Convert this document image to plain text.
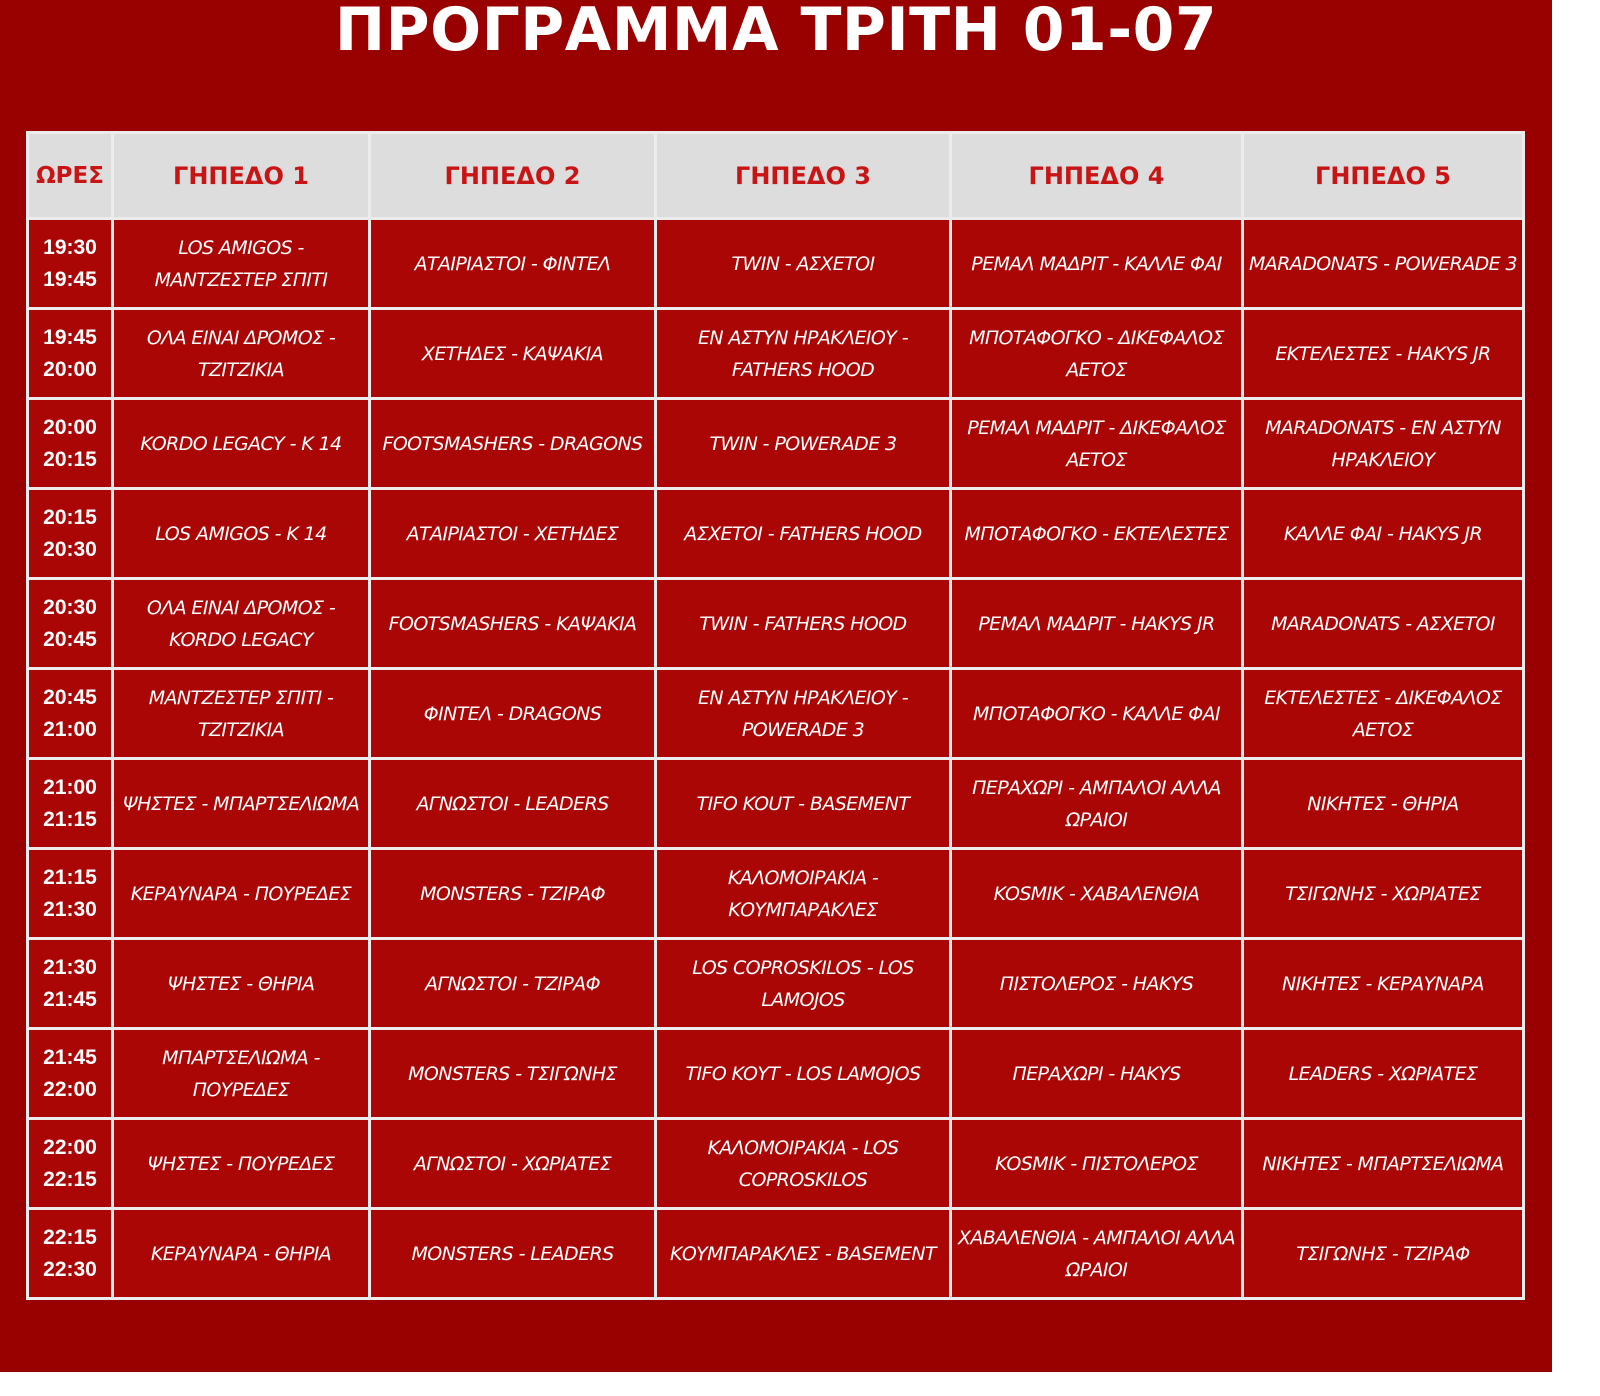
ΠΡΟΓΡΑΜΜΑ ΤΡΙΤΗ 01-07
ΩΡΕΣ	ΓΗΠΕΔΟ 1	ΓΗΠΕΔΟ 2	ΓΗΠΕΔΟ 3	ΓΗΠΕΔΟ 4	ΓΗΠΕΔΟ 5

19:30
19:45	LOS AMIGOS - ΜΑΝΤΖΕΣΤΕΡ ΣΠΙΤΙ	ΑΤΑΙΡΙΑΣΤΟΙ - ΦΙΝΤΕΛ	TWIN - ΑΣΧΕΤΟΙ	ΡΕΜΑΛ ΜΑΔΡΙΤ - ΚΑΛΛΕ ΦΑΙ	MARADONATS - POWERADE 3

19:45
20:00	ΟΛΑ ΕΙΝΑΙ ΔΡΟΜΟΣ - ΤΖΙΤΖΙΚΙΑ	ΧΕΤΗΔΕΣ - ΚΑΨΑΚΙΑ	ΕΝ ΑΣΤΥΝ ΗΡΑΚΛΕΙΟΥ - FATHERS HOOD	ΜΠΟΤΑΦΟΓΚΟ - ΔΙΚΕΦΑΛΟΣ ΑΕΤΟΣ	ΕΚΤΕΛΕΣΤΕΣ - HAKYS JR

20:00
20:15	KORDO LEGACY - K 14	FOOTSMASHERS - DRAGONS	TWIN - POWERADE 3	ΡΕΜΑΛ ΜΑΔΡΙΤ - ΔΙΚΕΦΑΛΟΣ ΑΕΤΟΣ	MARADONATS - ΕΝ ΑΣΤΥΝ ΗΡΑΚΛΕΙΟΥ

20:15
20:30	LOS AMIGOS - K 14	ΑΤΑΙΡΙΑΣΤΟΙ - ΧΕΤΗΔΕΣ	ΑΣΧΕΤΟΙ - FATHERS HOOD	ΜΠΟΤΑΦΟΓΚΟ - ΕΚΤΕΛΕΣΤΕΣ	ΚΑΛΛΕ ΦΑΙ - HAKYS JR

20:30
20:45	ΟΛΑ ΕΙΝΑΙ ΔΡΟΜΟΣ - KORDO LEGACY	FOOTSMASHERS - ΚΑΨΑΚΙΑ	TWIN - FATHERS HOOD	ΡΕΜΑΛ ΜΑΔΡΙΤ - HAKYS JR	MARADONATS - ΑΣΧΕΤΟΙ

20:45
21:00	ΜΑΝΤΖΕΣΤΕΡ ΣΠΙΤΙ - ΤΖΙΤΖΙΚΙΑ	ΦΙΝΤΕΛ - DRAGONS	ΕΝ ΑΣΤΥΝ ΗΡΑΚΛΕΙΟΥ - POWERADE 3	ΜΠΟΤΑΦΟΓΚΟ - ΚΑΛΛΕ ΦΑΙ	ΕΚΤΕΛΕΣΤΕΣ - ΔΙΚΕΦΑΛΟΣ ΑΕΤΟΣ

21:00
21:15	ΨΗΣΤΕΣ - ΜΠΑΡΤΣΕΛΙΩΜΑ	ΑΓΝΩΣΤΟΙ - LEADERS	TIFO KOUT - BASEMENT	ΠΕΡΑΧΩΡΙ - ΑΜΠΑΛΟΙ ΑΛΛΑ ΩΡΑΙΟΙ	ΝΙΚΗΤΕΣ - ΘΗΡΙΑ

21:15
21:30	ΚΕΡΑΥΝΑΡΑ - ΠΟΥΡΕΔΕΣ	MONSTERS - ΤΖΙΡΑΦ	ΚΑΛΟΜΟΙΡΑΚΙΑ - ΚΟΥΜΠΑΡΑΚΛΕΣ	KOSMIK - ΧΑΒΑΛΕΝΘΙΑ	ΤΣΙΓΩΝΗΣ - ΧΩΡΙΑΤΕΣ

21:30
21:45	ΨΗΣΤΕΣ - ΘΗΡΙΑ	ΑΓΝΩΣΤΟΙ - ΤΖΙΡΑΦ	LOS COPROSKILOS - LOS LAMOJOS	ΠΙΣΤΟΛΕΡΟΣ - HAKYS	ΝΙΚΗΤΕΣ - ΚΕΡΑΥΝΑΡΑ

21:45
22:00	ΜΠΑΡΤΣΕΛΙΩΜΑ - ΠΟΥΡΕΔΕΣ	MONSTERS - ΤΣΙΓΩΝΗΣ	TIFO KOYT - LOS LAMOJOS	ΠΕΡΑΧΩΡΙ - HAKYS	LEADERS - ΧΩΡΙΑΤΕΣ

22:00
22:15	ΨΗΣΤΕΣ - ΠΟΥΡΕΔΕΣ	ΑΓΝΩΣΤΟΙ - ΧΩΡΙΑΤΕΣ	ΚΑΛΟΜΟΙΡΑΚΙΑ - LOS COPROSKILOS	KOSMIK - ΠΙΣΤΟΛΕΡΟΣ	ΝΙΚΗΤΕΣ - ΜΠΑΡΤΣΕΛΙΩΜΑ

22:15
22:30	ΚΕΡΑΥΝΑΡΑ - ΘΗΡΙΑ	MONSTERS - LEADERS	ΚΟΥΜΠΑΡΑΚΛΕΣ - BASEMENT	ΧΑΒΑΛΕΝΘΙΑ - ΑΜΠΑΛΟΙ ΑΛΛΑ ΩΡΑΙΟΙ	ΤΣΙΓΩΝΗΣ - ΤΖΙΡΑΦ
